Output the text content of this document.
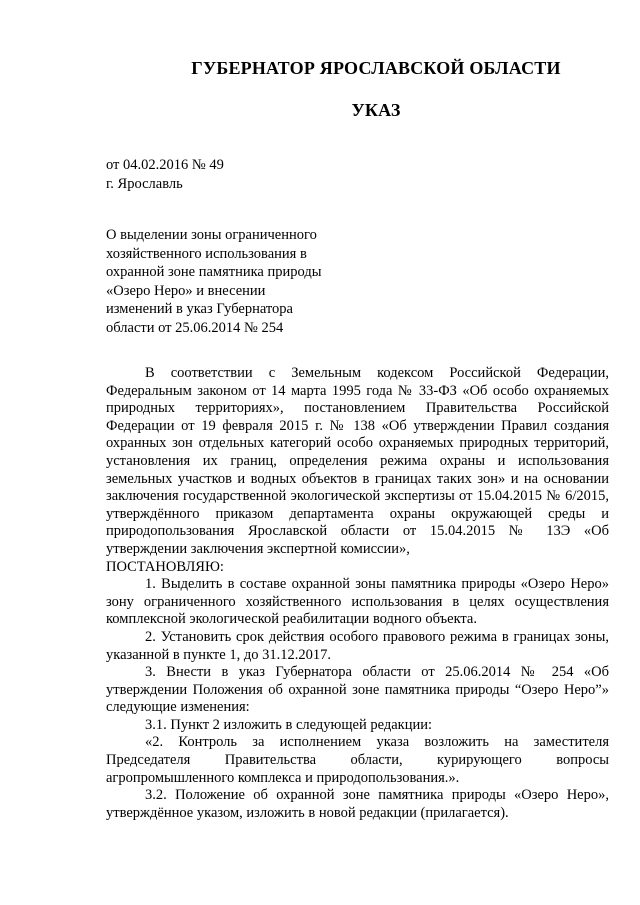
ГУБЕРНАТОР ЯРОСЛАВСКОЙ ОБЛАСТИ
УКАЗ
от 04.02.2016 № 49
г. Ярославль
О выделении зоны ограниченного
хозяйственного использования в
охранной зоне памятника природы
«Озеро Неро» и внесении
изменений в указ Губернатора
области от 25.06.2014 № 254

В соответствии с Земельным кодексом Российской Федерации, Федеральным законом от 14 марта 1995 года № 33-ФЗ «Об особо охраняемых природных территориях», постановлением Правительства Российской Федерации от 19 февраля 2015 г. № 138 «Об утверждении Правил создания охранных зон отдельных категорий особо охраняемых природных территорий, установления их границ, определения режима охраны и использования земельных участков и водных объектов в границах таких зон» и на основании заключения государственной экологической экспертизы от 15.04.2015 № 6/2015, утверждённого приказом департамента охраны окружающей среды и природопользования Ярославской области от 15.04.2015 № 13Э «Об утверждении заключения экспертной комиссии»,

ПОСТАНОВЛЯЮ:

1. Выделить в составе охранной зоны памятника природы «Озеро Неро» зону ограниченного хозяйственного использования в целях осуществления комплексной экологической реабилитации водного объекта.

2. Установить срок действия особого правового режима в границах зоны, указанной в пункте 1, до 31.12.2017.

3. Внести в указ Губернатора области от 25.06.2014 № 254 «Об утверждении Положения об охранной зоне памятника природы “Озеро Неро”» следующие изменения:

3.1. Пункт 2 изложить в следующей редакции:

«2. Контроль за исполнением указа возложить на заместителя Председателя Правительства области, курирующего вопросы агропромышленного комплекса и природопользования.».

3.2. Положение об охранной зоне памятника природы «Озеро Неро», утверждённое указом, изложить в новой редакции (прилагается).
